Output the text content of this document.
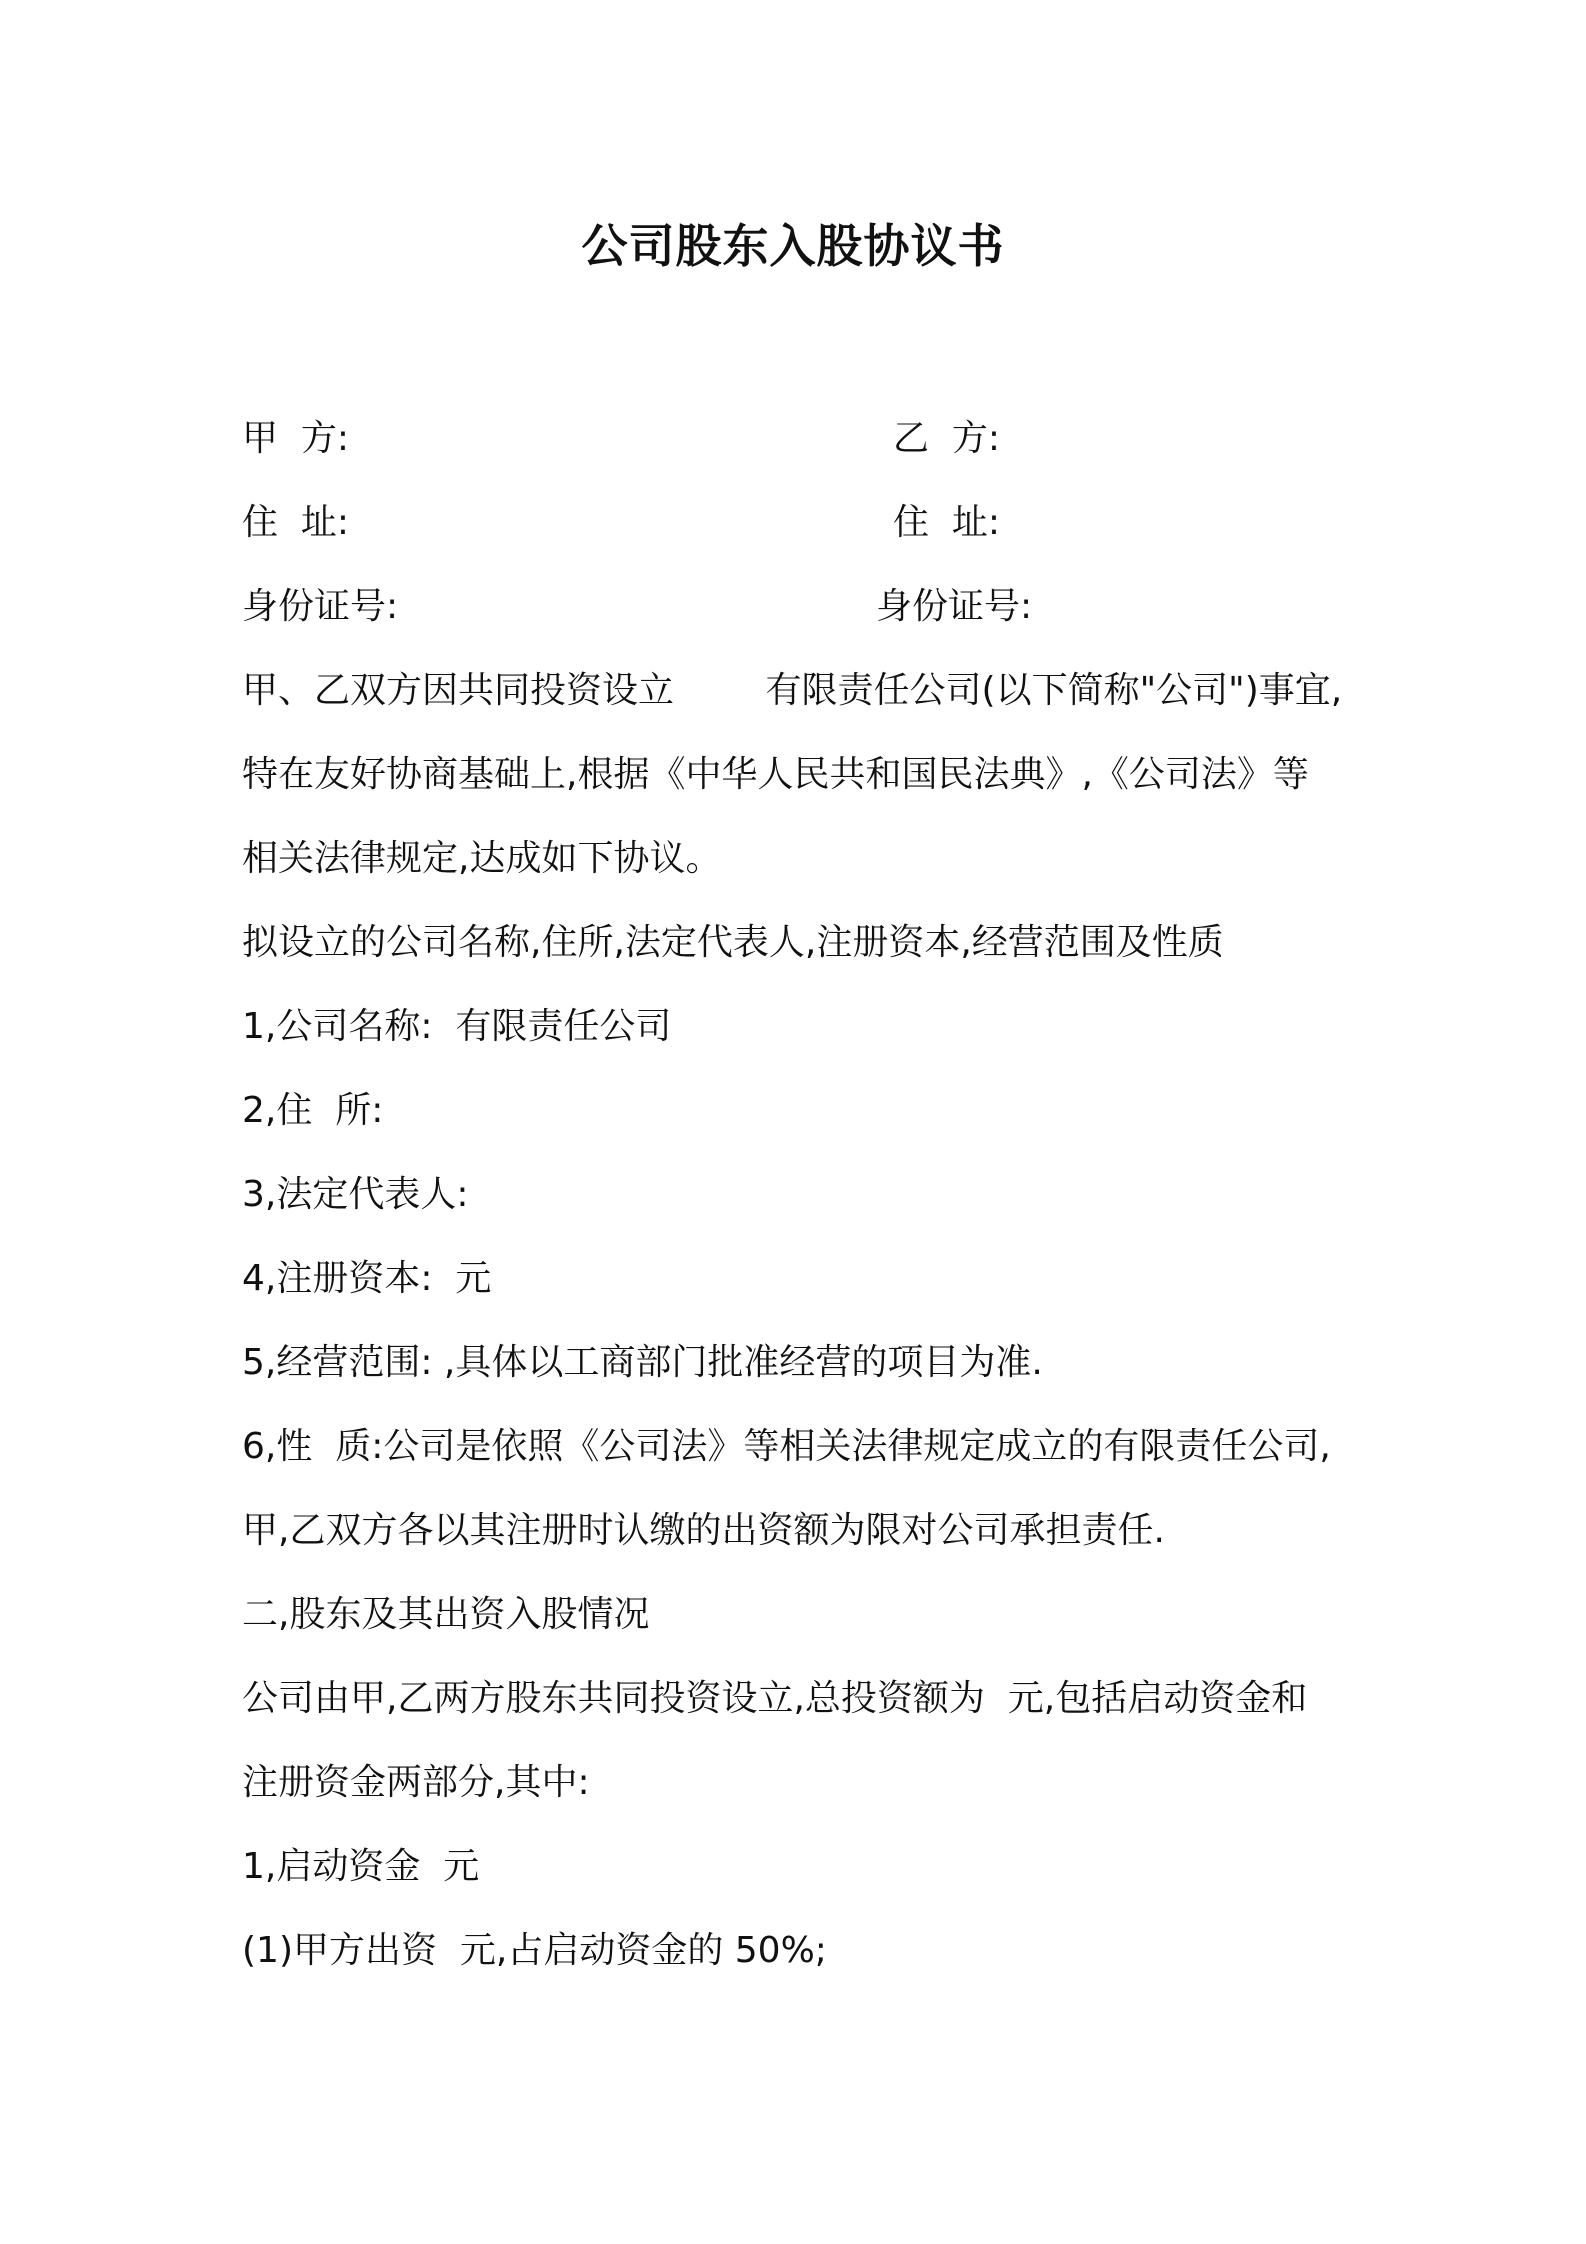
公司股东入股协议书
甲  方:	乙  方:
住  址:	住  址:
身份证号:	身份证号:
甲、乙双方因共同投资设立        有限责任公司(以下简称"公司")事宜,
特在友好协商基础上,根据《中华人民共和国民法典》,《公司法》等
相关法律规定,达成如下协议。
拟设立的公司名称,住所,法定代表人,注册资本,经营范围及性质
1,公司名称:  有限责任公司
2,住  所:
3,法定代表人:
4,注册资本:  元
5,经营范围: ,具体以工商部门批准经营的项目为准.
6,性  质:公司是依照《公司法》等相关法律规定成立的有限责任公司,
甲,乙双方各以其注册时认缴的出资额为限对公司承担责任.
二,股东及其出资入股情况
公司由甲,乙两方股东共同投资设立,总投资额为  元,包括启动资金和
注册资金两部分,其中:
1,启动资金  元
(1)甲方出资  元,占启动资金的 50%;
